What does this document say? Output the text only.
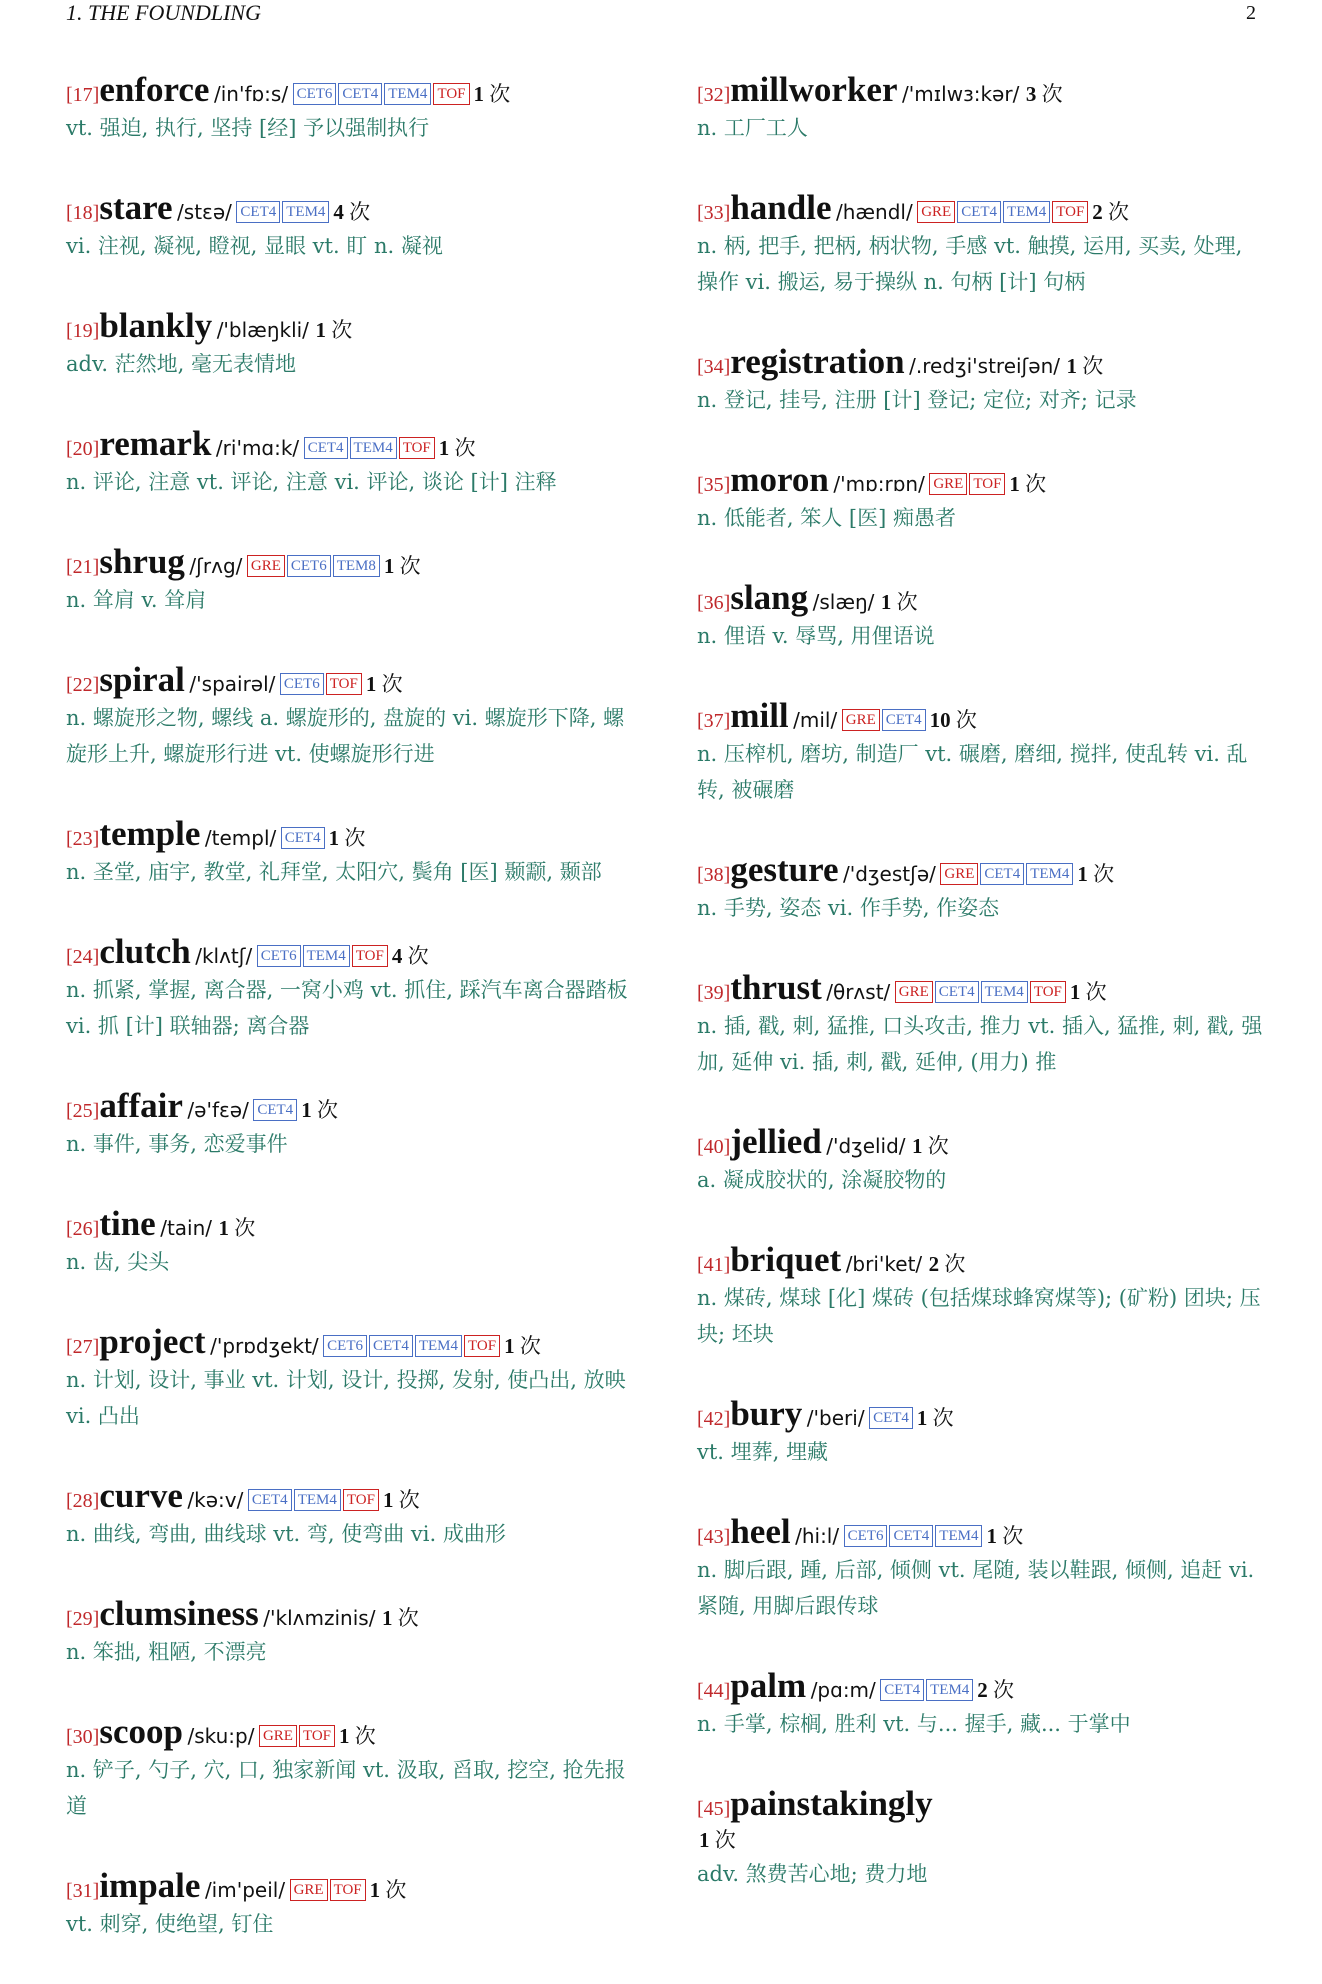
1. THE FOUNDLING	2
[17]enforce /in'fɒ:s/ CET6 CET4 TEM4 TOF 1 次

vt. 强迫, 执行, 坚持 [经] 予以强制执行

[18]stare /stɛə/ CET4 TEM4 4 次

vi. 注视, 凝视, 瞪视, 显眼 vt. 盯 n. 凝视

[19]blankly /'blæŋkli/ 1 次

adv. 茫然地, 毫无表情地

[20]remark /ri'mɑ:k/ CET4 TEM4 TOF 1 次

n. 评论, 注意 vt. 评论, 注意 vi. 评论, 谈论 [计] 注释

[21]shrug /ʃrʌg/ GRE CET6 TEM8 1 次

n. 耸肩 v. 耸肩

[22]spiral /'spairəl/ CET6 TOF 1 次

n. 螺旋形之物, 螺线 a. 螺旋形的, 盘旋的 vi. 螺旋形下降, 螺旋形上升, 螺旋形行进 vt. 使螺旋形行进

[23]temple /templ/ CET4 1 次

n. 圣堂, 庙宇, 教堂, 礼拜堂, 太阳穴, 鬓角 [医] 颞颥, 颞部

[24]clutch /klʌtʃ/ CET6 TEM4 TOF 4 次

n. 抓紧, 掌握, 离合器, 一窝小鸡 vt. 抓住, 踩汽车离合器踏板 vi. 抓 [计] 联轴器; 离合器

[25]affair /ə'fɛə/ CET4 1 次

n. 事件, 事务, 恋爱事件

[26]tine /tain/ 1 次

n. 齿, 尖头

[27]project /'prɒdʒekt/ CET6 CET4 TEM4 TOF 1 次

n. 计划, 设计, 事业 vt. 计划, 设计, 投掷, 发射, 使凸出, 放映 vi. 凸出

[28]curve /kə:v/ CET4 TEM4 TOF 1 次

n. 曲线, 弯曲, 曲线球 vt. 弯, 使弯曲 vi. 成曲形

[29]clumsiness /'klʌmzinis/ 1 次

n. 笨拙, 粗陋, 不漂亮

[30]scoop /sku:p/ GRE TOF 1 次

n. 铲子, 勺子, 穴, 口, 独家新闻 vt. 汲取, 舀取, 挖空, 抢先报道

[31]impale /im'peil/ GRE TOF 1 次

vt. 刺穿, 使绝望, 钉住

[32]millworker /'mɪlwɜ:kər/ 3 次

n. 工厂工人

[33]handle /hændl/ GRE CET4 TEM4 TOF 2 次

n. 柄, 把手, 把柄, 柄状物, 手感 vt. 触摸, 运用, 买卖, 处理, 操作 vi. 搬运, 易于操纵 n. 句柄 [计] 句柄

[34]registration /.redʒi'streiʃən/ 1 次

n. 登记, 挂号, 注册 [计] 登记; 定位; 对齐; 记录

[35]moron /'mɒ:rɒn/ GRE TOF 1 次

n. 低能者, 笨人 [医] 痴愚者

[36]slang /slæŋ/ 1 次

n. 俚语 v. 辱骂, 用俚语说

[37]mill /mil/ GRE CET4 10 次

n. 压榨机, 磨坊, 制造厂 vt. 碾磨, 磨细, 搅拌, 使乱转 vi. 乱转, 被碾磨

[38]gesture /'dʒestʃə/ GRE CET4 TEM4 1 次

n. 手势, 姿态 vi. 作手势, 作姿态

[39]thrust /θrʌst/ GRE CET4 TEM4 TOF 1 次

n. 插, 戳, 刺, 猛推, 口头攻击, 推力 vt. 插入, 猛推, 刺, 戳, 强加, 延伸 vi. 插, 刺, 戳, 延伸, (用力) 推

[40]jellied /'dʒelid/ 1 次

a. 凝成胶状的, 涂凝胶物的

[41]briquet /bri'ket/ 2 次

n. 煤砖, 煤球 [化] 煤砖 (包括煤球蜂窝煤等); (矿粉) 团块; 压块; 坯块

[42]bury /'beri/ CET4 1 次

vt. 埋葬, 埋藏

[43]heel /hi:l/ CET6 CET4 TEM4 1 次

n. 脚后跟, 踵, 后部, 倾侧 vt. 尾随, 装以鞋跟, 倾侧, 追赶 vi. 紧随, 用脚后跟传球

[44]palm /pɑ:m/ CET4 TEM4 2 次

n. 手掌, 棕榈, 胜利 vt. 与... 握手, 藏... 于掌中

[45]painstakingly
1 次

adv. 煞费苦心地; 费力地
